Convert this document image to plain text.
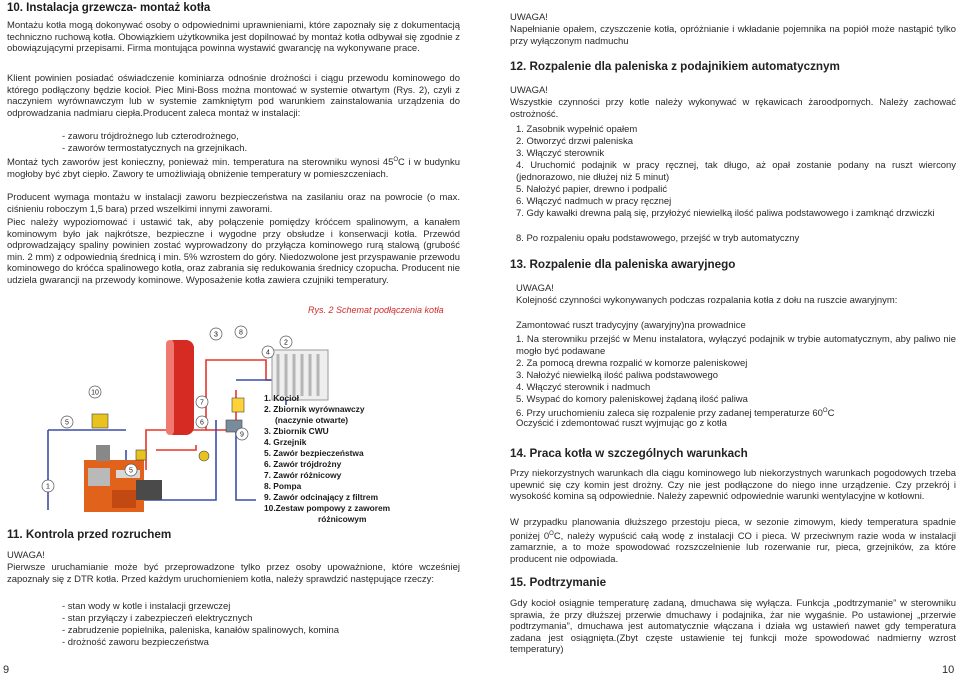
10. Instalacja grzewcza- montaż kotła
Montażu kotła mogą dokonywać osoby o odpowiednimi uprawnieniami, które zapoznały się z dokumentacją techniczno ruchową kotła. Obowiązkiem użytkownika jest dopilnować by montaż kotła odbywał się zgodnie z obowiązującymi przepisami. Firma montująca powinna wystawić gwarancję na wykonywane prace.
Klient powinien posiadać oświadczenie kominiarza odnośnie drożności i ciągu przewodu kominowego do którego podłączony będzie kocioł. Piec Mini-Boss można montować w systemie otwartym (Rys. 2), czyli z naczyniem wyrównawczym lub w systemie zamkniętym pod warunkiem zainstalowania urządzenia do odprowadzania nadmiaru ciepła.Producent zaleca montaż w instalacji:
- zaworu trójdrożnego lub czterodrożnego,
- zaworów termostatycznych na grzejnikach.
Montaż tych zaworów jest konieczny, ponieważ min. temperatura na sterowniku wynosi $45^OC$ i w budynku mogłoby być zbyt ciepło. Zawory te umożliwiają obniżenie temperatury w pomieszczeniach.
Producent wymaga montażu w instalacji zaworu bezpieczeństwa na zasilaniu oraz na powrocie (o max. ciśnieniu roboczym 1,5 bara) przed wszelkimi innymi zaworami.
Piec należy wypoziomować i ustawić tak, aby połączenie pomiędzy króćcem spalinowym, a kanałem kominowym było jak najkrótsze, bezpieczne i wygodne przy obsłudze i konserwacji kotła. Przewód odprowadzający spaliny powinien zostać wyprowadzony do przyłącza kominowego rurą stalową (grubość min. 2 mm) z odpowiednią średnicą i min. 5% wzrostem do góry. Niedozwolone jest przyspawanie przewodu kominowego do króćca spalinowego kotła, oraz zabrania się redukowania średnicy czopucha. Producent nie udziela gwarancji na przewody kominowe. Wyposażenie kotła zawiera czujniki temperatury.
Rys. 2 Schemat podłączenia kotła
1
4
5
5
6
7
8
9
10
2
3
1. Kocioł
2. Zbiornik wyrównawczy
(naczynie otwarte)
3. Zbiornik CWU
4. Grzejnik
5. Zawór bezpieczeństwa
6. Zawór trójdrożny
7. Zawór różnicowy
8. Pompa
9. Zawór odcinający z filtrem
10.Zestaw pompowy z zaworem
różnicowym
11. Kontrola przed rozruchem
UWAGA!
Pierwsze uruchamianie może być przeprowadzone tylko przez osoby upoważnione, które wcześniej zapoznały się z DTR kotła. Przed każdym uruchomieniem kotła, należy sprawdzić następujące rzeczy:
- stan wody w kotle i instalacji grzewczej
- stan przyłączy i zabezpieczeń elektrycznych
- zabrudzenie popielnika, paleniska, kanałów spalinowych, komina
- drożność zaworu bezpieczeństwa
9
UWAGA!
Napełnianie opałem, czyszczenie kotła, opróżnianie i wkładanie pojemnika na popiół może nastąpić tylko przy wyłączonym nadmuchu
12. Rozpalenie dla paleniska z podajnikiem automatycznym
UWAGA!
Wszystkie czynności przy kotle należy wykonywać w rękawicach żaroodpornych. Należy zachować ostrożność.
1. Zasobnik wypełnić opałem
2. Otworzyć drzwi paleniska
3. Włączyć sterownik
4. Uruchomić podajnik w pracy ręcznej, tak długo, aż opał zostanie podany na ruszt wiercony (jednorazowo, nie dłużej niż 5 minut)
5. Nałożyć papier, drewno i podpalić
6. Włączyć nadmuch w pracy ręcznej
7. Gdy kawałki drewna palą się, przyłożyć niewielką ilość paliwa podstawowego i zamknąć drzwiczki
8. Po rozpaleniu opału podstawowego, przejść w tryb automatyczny
13. Rozpalenie dla paleniska awaryjnego
UWAGA!
Kolejność czynności wykonywanych podczas rozpalania kotła z dołu na ruszcie awaryjnym:
Zamontować ruszt tradycyjny (awaryjny)na prowadnice
1. Na sterowniku przejść w Menu instalatora, wyłączyć podajnik w trybie automatycznym, aby paliwo nie mogło być podawane
2. Za pomocą drewna rozpalić w komorze paleniskowej
3. Nałożyć niewielką ilość paliwa podstawowego
4. Włączyć sterownik i nadmuch
5. Wsypać do komory paleniskowej żądaną ilość paliwa
6. Przy uruchomieniu zaleca się rozpalenie przy zadanej temperaturze $60^OC$
Oczyścić i zdemontować ruszt wyjmując go z kotła
14. Praca kotła w szczególnych warunkach
Przy niekorzystnych warunkach dla ciągu kominowego lub niekorzystnych warunkach pogodowych trzeba upewnić się czy komin jest drożny. Czy nie jest podłączone do niego inne urządzenie. Czy przekrój i wysokość komina są odpowiednie. Należy zapewnić odpowiednie warunki wentylacyjne w kotłowni.
W przypadku planowania dłuższego przestoju pieca, w sezonie zimowym, kiedy temperatura spadnie poniżej $0^OC$, należy wypuścić całą wodę z instalacji CO i pieca. W przeciwnym razie woda w instalacji zamarznie, a to może spowodować rozszczelnienie lub rozerwanie rur, pieca, grzejników, za które producent nie odpowiada.
15. Podtrzymanie
Gdy kocioł osiągnie temperaturę zadaną, dmuchawa się wyłącza. Funkcja „podtrzymanie” w sterowniku sprawia, że przy dłuższej przerwie dmuchawy i podajnika, żar nie wygaśnie. Po ustawionej „przerwie podtrzymania”, dmuchawa jest automatycznie włączana i działa wg ustawień nawet gdy temperatura zadana jest osiągnięta.(Zbyt częste ustawienie tej funkcji może spowodować nadmierny wzrost temperatury)
10
